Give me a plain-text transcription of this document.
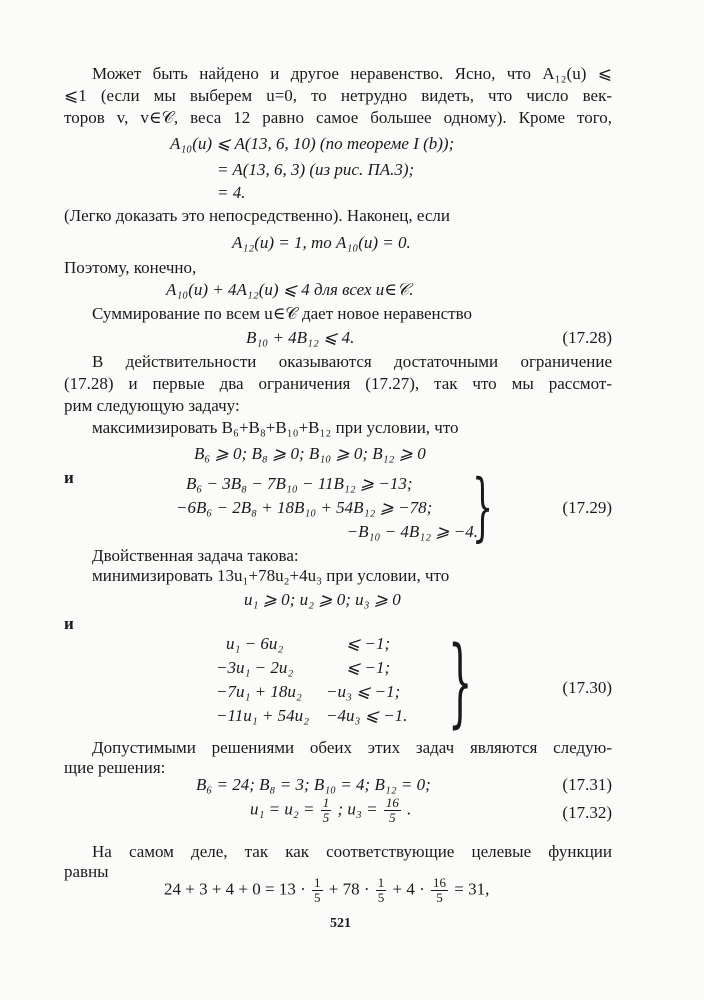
Может быть найдено и другое неравенство. Ясно, что A₁₂(u) ⩽
⩽1 (если мы выберем u=0, то нетрудно видеть, что число век-
торов v, v∈𝒞, веса 12 равно самое большее одному). Кроме того,
A₁₀(u) ⩽ A(13, 6, 10) (по теореме I (b));
= A(13, 6, 3) (из рис. ПА.3);
= 4.
(Легко доказать это непосредственно). Наконец, если
A₁₂(u) = 1, то A₁₀(u) = 0.
Поэтому, конечно,
A₁₀(u) + 4A₁₂(u) ⩽ 4 для всех u∈𝒞.
Суммирование по всем u∈𝒞 дает новое неравенство
B₁₀ + 4B₁₂ ⩽ 4.	(17.28)
В действительности оказываются достаточными ограничение
(17.28) и первые два ограничения (17.27), так что мы рассмот-
рим следующую задачу:
максимизировать B₆+B₈+B₁₀+B₁₂ при условии, что
B₆ ⩾ 0; B₈ ⩾ 0; B₁₀ ⩾ 0; B₁₂ ⩾ 0
и	B₆ − 3B₈ − 7B₁₀ − 11B₁₂ ⩾ −13;
−6B₆ − 2B₈ + 18B₁₀ + 54B₁₂ ⩾ −78;
−B₁₀ − 4B₁₂ ⩾ −4.
}	(17.29)
Двойственная задача такова:
минимизировать 13u₁+78u₂+4u₃ при условии, что
u₁ ⩾ 0; u₂ ⩾ 0; u₃ ⩾ 0
и
u₁ − 6u₂	⩽ −1;
−3u₁ − 2u₂	⩽ −1;
−7u₁ + 18u₂ −u₃ ⩽ −1;
−11u₁ + 54u₂ −4u₃ ⩽ −1. }	(17.30)
Допустимыми решениями обеих этих задач являются следую-
щие решения:
B₆ = 24; B₈ = 3; B₁₀ = 4; B₁₂ = 0;	(17.31)
$u_1 = u_2 = \frac{1}{5}$ ; $u_3 = \frac{16}{5}$ .	(17.32)
На самом деле, так как соответствующие целевые функции
равны
$24 + 3 + 4 + 0 = 13 \cdot \frac{1}{5} + 78 \cdot \frac{1}{5} + 4 \cdot \frac{16}{5} = 31$,
521
